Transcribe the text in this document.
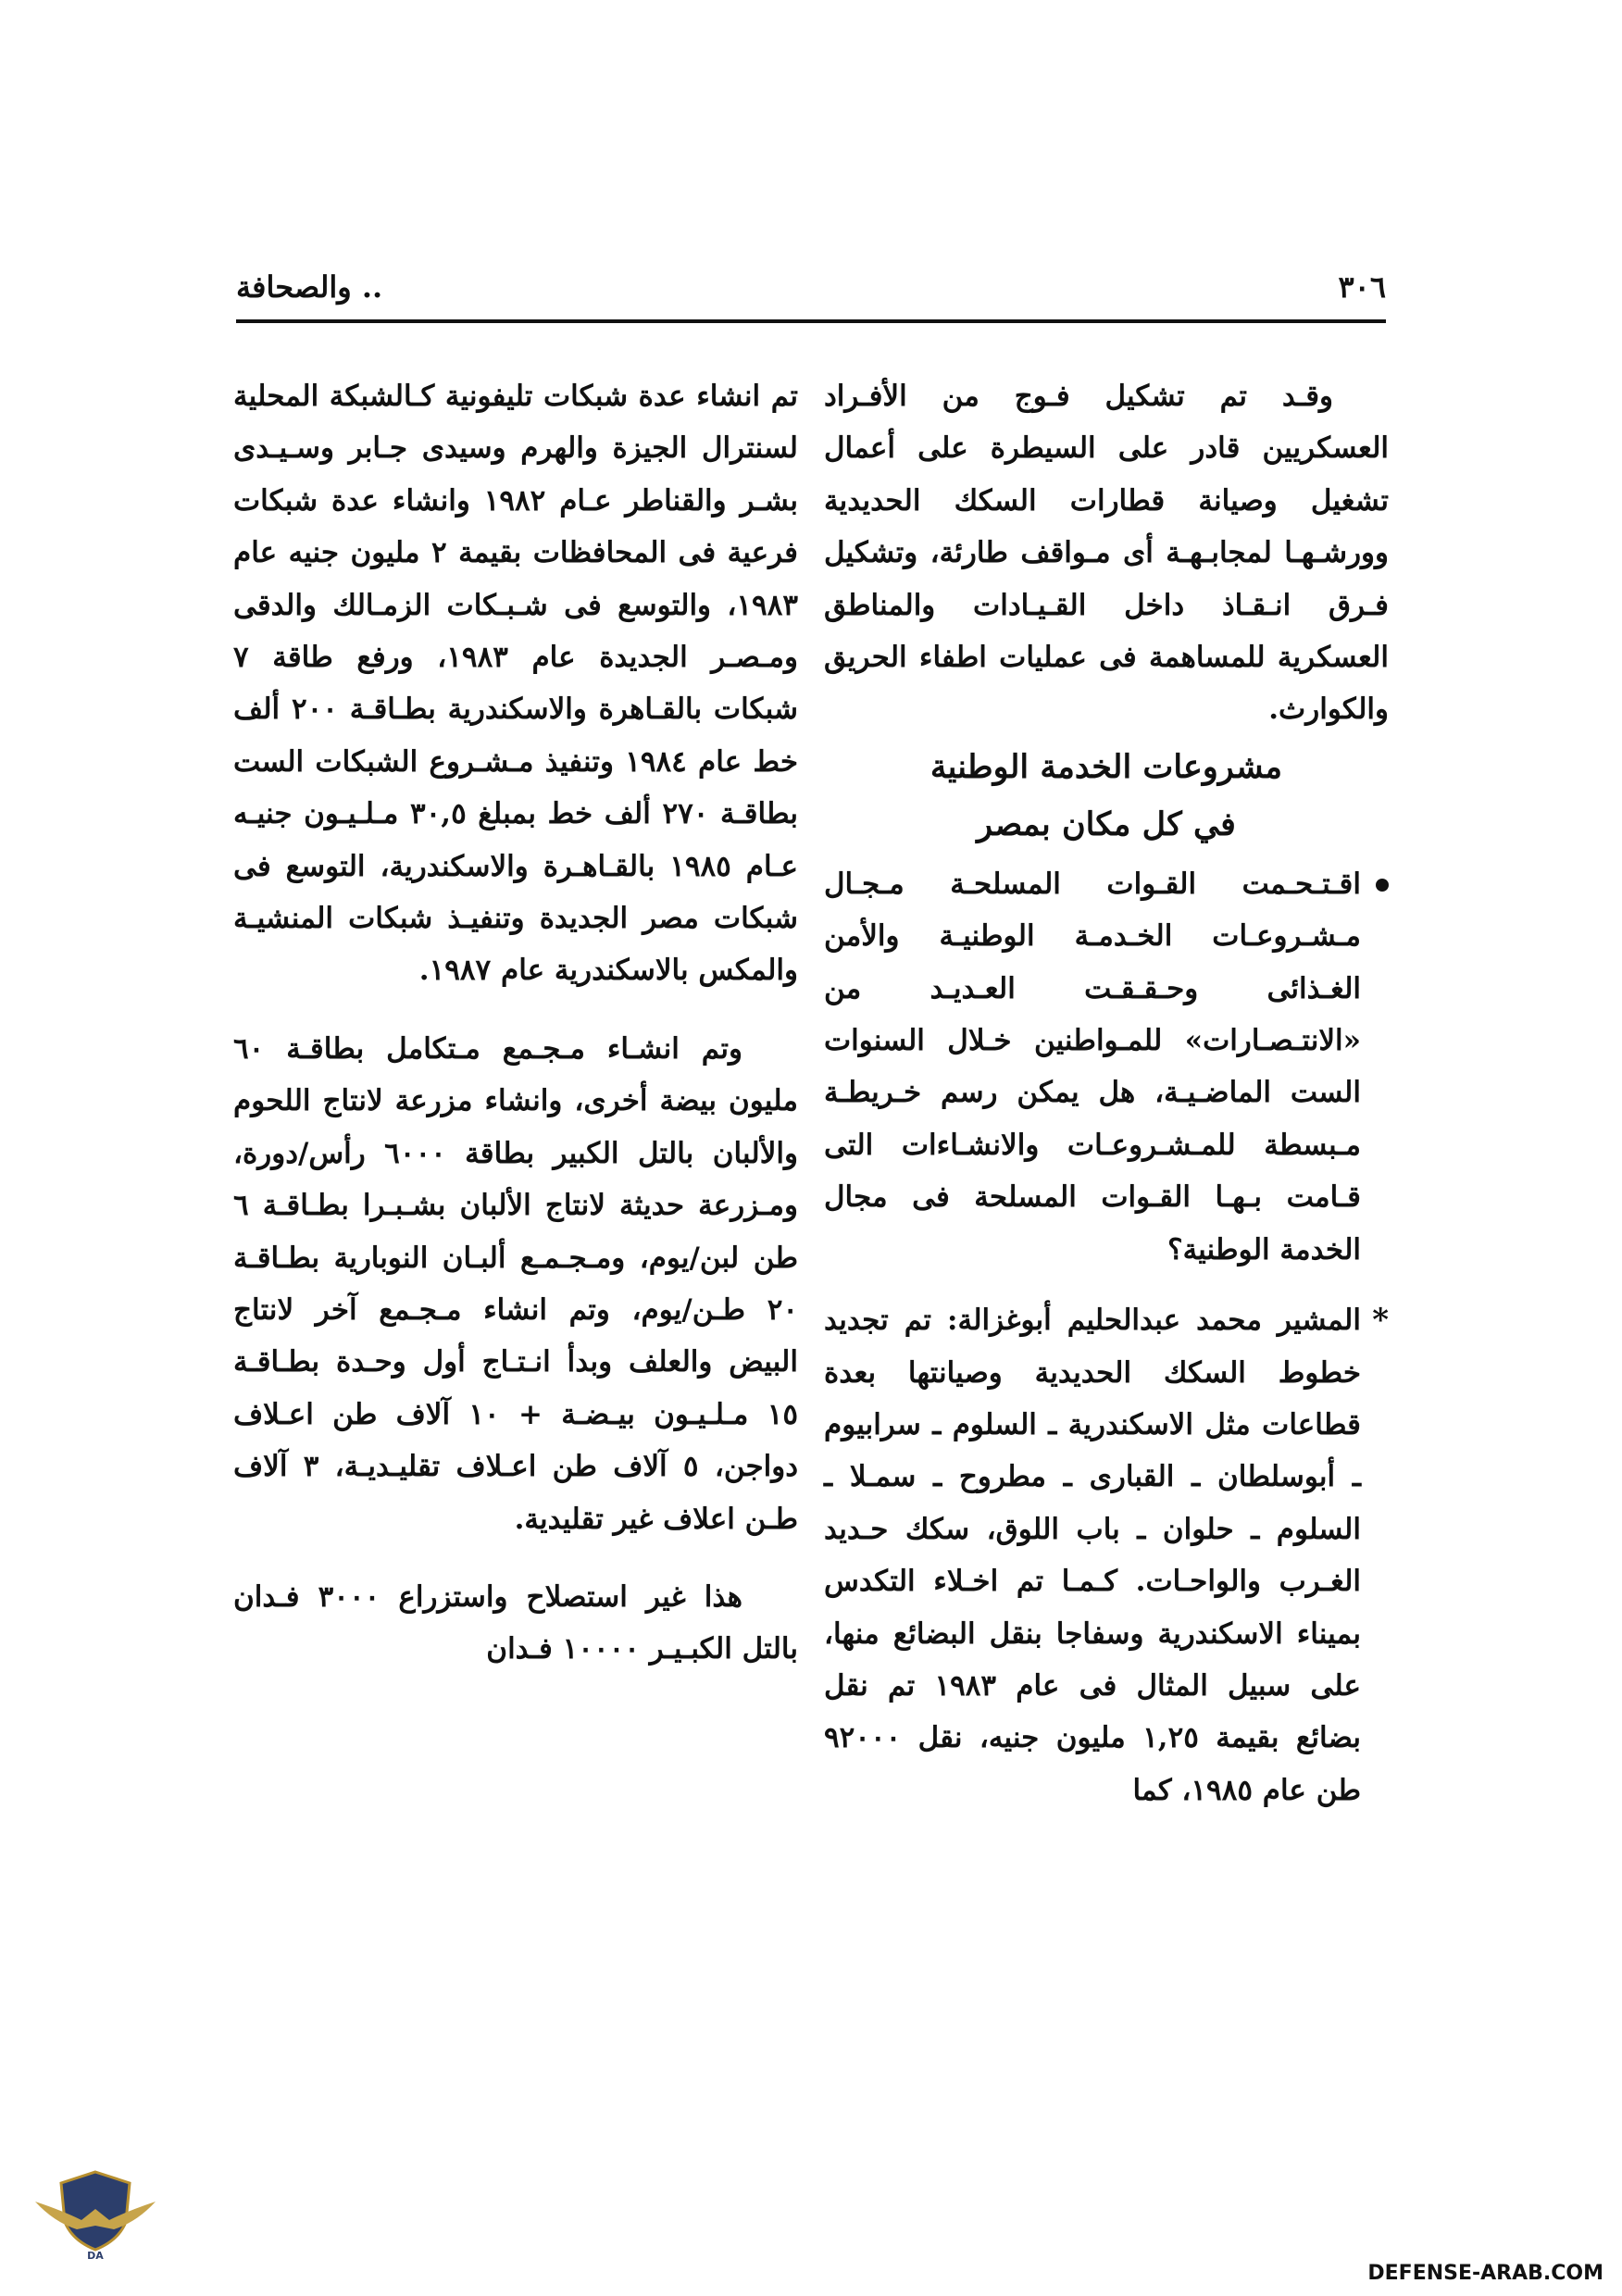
٣٠٦
.. والصحافة

وقـد تم تشكيل فـوج من الأفـراد العسكريين قادر على السيطرة على أعمال تشغيل وصيانة قطارات السكك الحديدية وورشـهـا لمجابـهـة أى مـواقف طارئة، وتشكيل فـرق انـقـاذ داخل القـيـادات والمناطق العسكرية للمساهمة فى عمليات اطفاء الحريق والكوارث.

مشروعات الخدمة الوطنية
في كل مكان بمصر

اقـتـحـمت القـوات المسلحـة مـجـال مـشـروعـات الخـدمـة الوطنيـة والأمن الغـذائى وحـقـقـت العـديـد من «الانتـصـارات» للمـواطنين خـلال السنوات الست الماضـيـة، هل يمكن رسم خـريطـة مـبسطة للمـشـروعـات والانشـاءات التى قـامت بـهـا القـوات المسلحة فى مجال الخدمة الوطنية؟

*

المشير محمد عبدالحليم أبوغزالة: تم تجديد خطوط السكك الحديدية وصيانتها بعدة قطاعات مثل الاسكندرية ـ السلوم ـ سرابيوم ـ أبوسلطان ـ القبارى ـ مطروح ـ سمـلا ـ السلوم ـ حلوان ـ باب اللوق، سكك حـديد الغـرب والواحـات. كـمـا تم اخـلاء التكدس بميناء الاسكندرية وسفاجا بنقل البضائع منها، على سبيل المثال فى عام ١٩٨٣ تم نقل بضائع بقيمة ١,٢٥ مليون جنيه، نقل ٩٢٠٠٠ طن عام ١٩٨٥، كما

تم انشاء عدة شبكات تليفونية كـالشبكة المحلية لسنترال الجيزة والهرم وسيدى جـابر وسـيـدى بشـر والقناطر عـام ١٩٨٢ وانشاء عدة شبكات فرعية فى المحافظات بقيمة ٢ مليون جنيه عام ١٩٨٣، والتوسع فى شـبـكات الزمـالك والدقى ومـصـر الجديدة عام ١٩٨٣، ورفع طاقة ٧ شبكات بالقـاهرة والاسكندرية بطـاقـة ٢٠٠ ألف خط عام ١٩٨٤ وتنفيذ مـشـروع الشبكات الست بطاقـة ٢٧٠ ألف خط بمبلغ ٣٠,٥ مـلـيـون جنيـه عـام ١٩٨٥ بالقـاهـرة والاسكندرية، التوسع فى شبكات مصر الجديدة وتنفيـذ شبكات المنشيـة والمكس بالاسكندرية عام ١٩٨٧.

وتم انشـاء مـجـمع مـتكامل بطاقـة ٦٠ مليون بيضة أخرى، وانشاء مزرعة لانتاج اللحوم والألبان بالتل الكبير بطاقة ٦٠٠٠ رأس/دورة، ومـزرعة حديثة لانتاج الألبان بشـبـرا بطـاقـة ٦ طن لبن/يوم، ومـجـمـع ألبـان النوبارية بطـاقـة ٢٠ طـن/يوم، وتم انشاء مـجـمع آخر لانتاج البيض والعلف وبدأ انـتـاج أول وحـدة بطـاقـة ١٥ مـلـيـون بيـضـة + ١٠ آلاف طن اعـلاف دواجن، ٥ آلاف طن اعـلاف تقليـديـة، ٣ آلاف طـن اعلاف غير تقليدية.

هذا غير استصلاح واستزراع ٣٠٠٠ فـدان بالتل الكبـيـر ١٠٠٠٠ فـدان

DA
DEFENSE-ARAB.COM
